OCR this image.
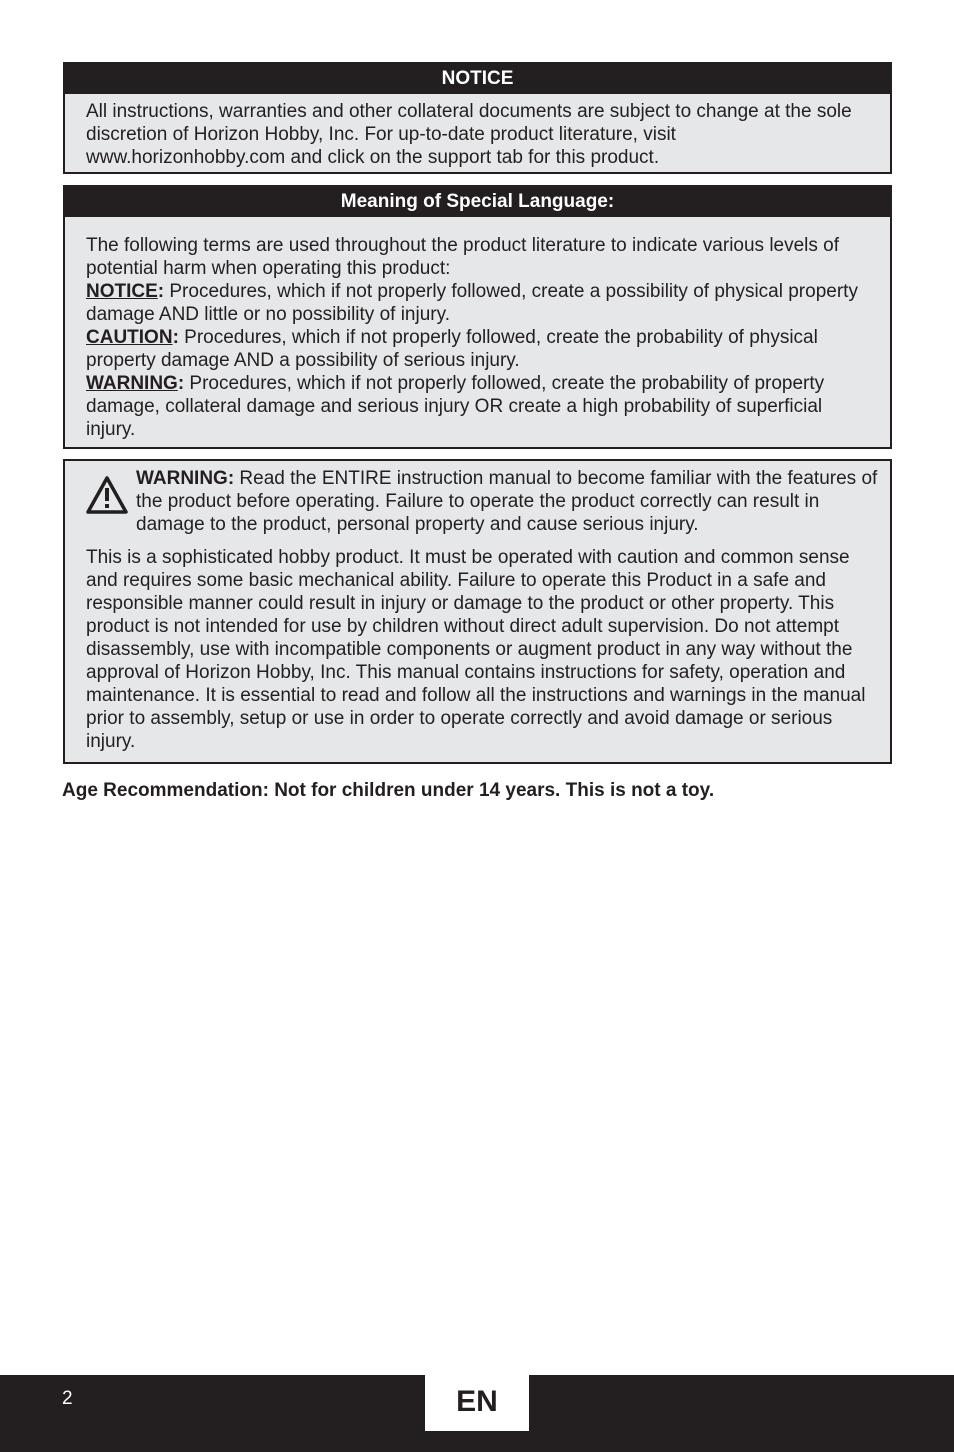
NOTICE

All instructions, warranties and other collateral documents are subject to change at the sole discretion of Horizon Hobby, Inc. For up-to-date product literature, visit www.horizonhobby.com and click on the support tab for this product.

Meaning of Special Language:

The following terms are used throughout the product literature to indicate various levels of potential harm when operating this product:

NOTICE: Procedures, which if not properly followed, create a possibility of physical property damage AND little or no possibility of injury.

CAUTION: Procedures, which if not properly followed, create the probability of physical property damage AND a possibility of serious injury.

WARNING: Procedures, which if not properly followed, create the probability of property damage, collateral damage and serious injury OR create a high probability of superficial injury.

WARNING: Read the ENTIRE instruction manual to become familiar with the features of the product before operating. Failure to operate the product correctly can result in damage to the product, personal property and cause serious injury.

This is a sophisticated hobby product. It must be operated with caution and common sense and requires some basic mechanical ability. Failure to operate this Product in a safe and responsible manner could result in injury or damage to the product or other property. This product is not intended for use by children without direct adult supervision. Do not attempt disassembly, use with incompatible components or augment product in any way without the approval of Horizon Hobby, Inc. This manual contains instructions for safety, operation and maintenance. It is essential to read and follow all the instructions and warnings in the manual prior to assembly, setup or use in order to operate correctly and avoid damage or serious injury.

Age Recommendation: Not for children under 14 years. This is not a toy.
2	EN
